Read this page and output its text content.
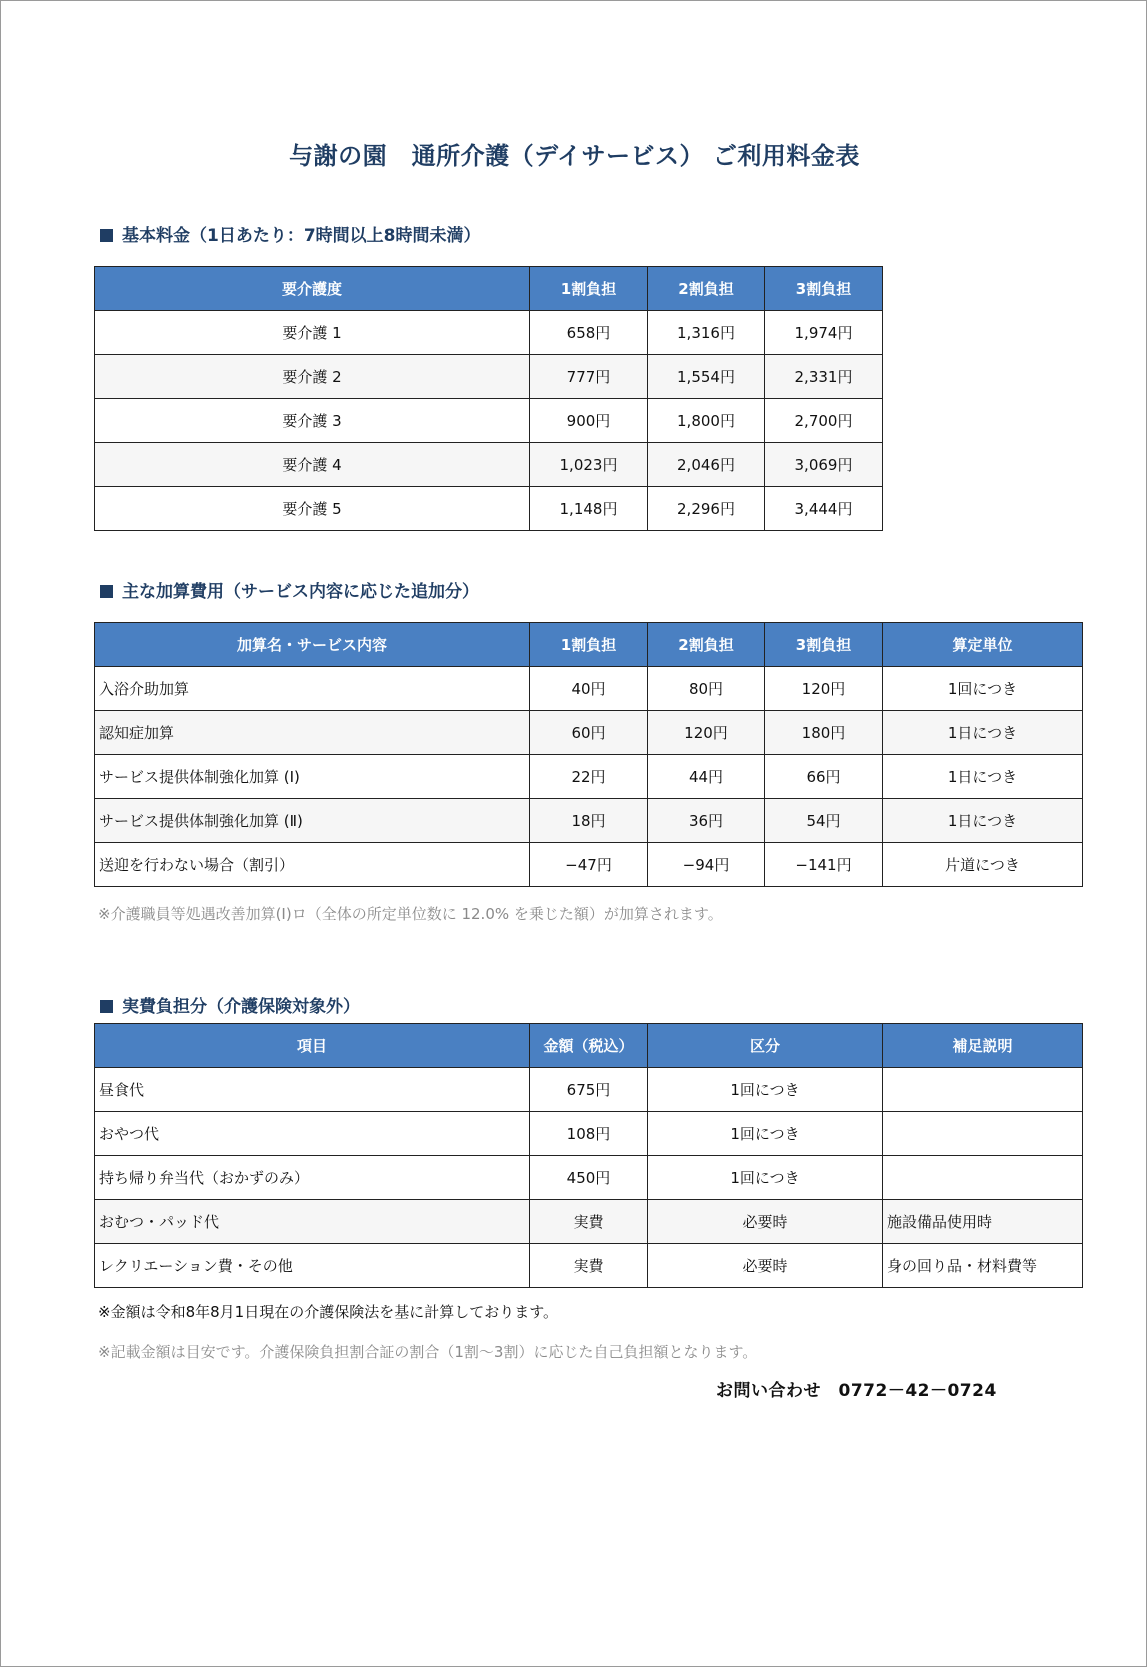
与謝の園　通所介護（デイサービス） ご利用料金表
基本料金（1日あたり：7時間以上8時間未満）
要介護度	1割負担	2割負担	3割負担
要介護 1	658円	1,316円	1,974円
要介護 2	777円	1,554円	2,331円
要介護 3	900円	1,800円	2,700円
要介護 4	1,023円	2,046円	3,069円
要介護 5	1,148円	2,296円	3,444円
主な加算費用（サービス内容に応じた追加分）
加算名・サービス内容	1割負担	2割負担	3割負担	算定単位
入浴介助加算	40円	80円	120円	1回につき
認知症加算	60円	120円	180円	1日につき
サービス提供体制強化加算 (Ⅰ)	22円	44円	66円	1日につき
サービス提供体制強化加算 (Ⅱ)	18円	36円	54円	1日につき
送迎を行わない場合（割引）	−47円	−94円	−141円	片道につき
※介護職員等処遇改善加算(Ⅰ)ロ（全体の所定単位数に 12.0% を乗じた額）が加算されます。
実費負担分（介護保険対象外）
項目	金額（税込）	区分	補足説明
昼食代	675円	1回につき	
おやつ代	108円	1回につき	
持ち帰り弁当代（おかずのみ）	450円	1回につき	
おむつ・パッド代	実費	必要時	施設備品使用時
レクリエーション費・その他	実費	必要時	身の回り品・材料費等
※金額は令和8年8月1日現在の介護保険法を基に計算しております。
※記載金額は目安です。介護保険負担割合証の割合（1割〜3割）に応じた自己負担額となります。
お問い合わせ　0772－42－0724
